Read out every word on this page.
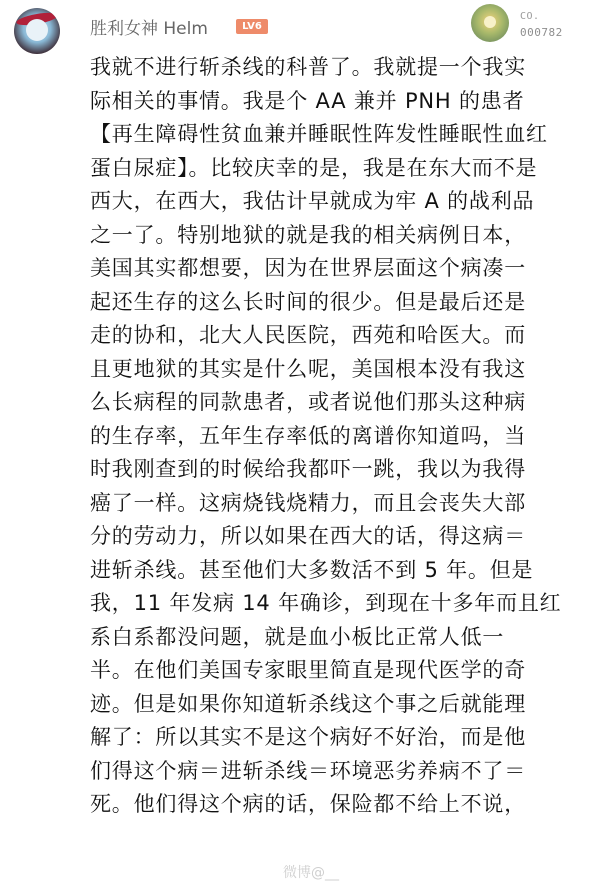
胜利女神 Helm	LV6
CO.
000782
我就不进行斩杀线的科普了。我就提一个我实
际相关的事情。我是个 AA 兼并 PNH 的患者
【再生障碍性贫血兼并睡眠性阵发性睡眠性血红
蛋白尿症】。比较庆幸的是，我是在东大而不是
西大，在西大，我估计早就成为牢 A 的战利品
之一了。特别地狱的就是我的相关病例日本，
美国其实都想要，因为在世界层面这个病凑一
起还生存的这么长时间的很少。但是最后还是
走的协和，北大人民医院，西苑和哈医大。而
且更地狱的其实是什么呢，美国根本没有我这
么长病程的同款患者，或者说他们那头这种病
的生存率，五年生存率低的离谱你知道吗，当
时我刚查到的时候给我都吓一跳，我以为我得
癌了一样。这病烧钱烧精力，而且会丧失大部
分的劳动力，所以如果在西大的话，得这病＝
进斩杀线。甚至他们大多数活不到 5 年。但是
我，11 年发病 14 年确诊，到现在十多年而且红
系白系都没问题，就是血小板比正常人低一
半。在他们美国专家眼里简直是现代医学的奇
迹。但是如果你知道斩杀线这个事之后就能理
解了：所以其实不是这个病好不好治，而是他
们得这个病＝进斩杀线＝环境恶劣养病不了＝
死。他们得这个病的话，保险都不给上不说，
微博@__
